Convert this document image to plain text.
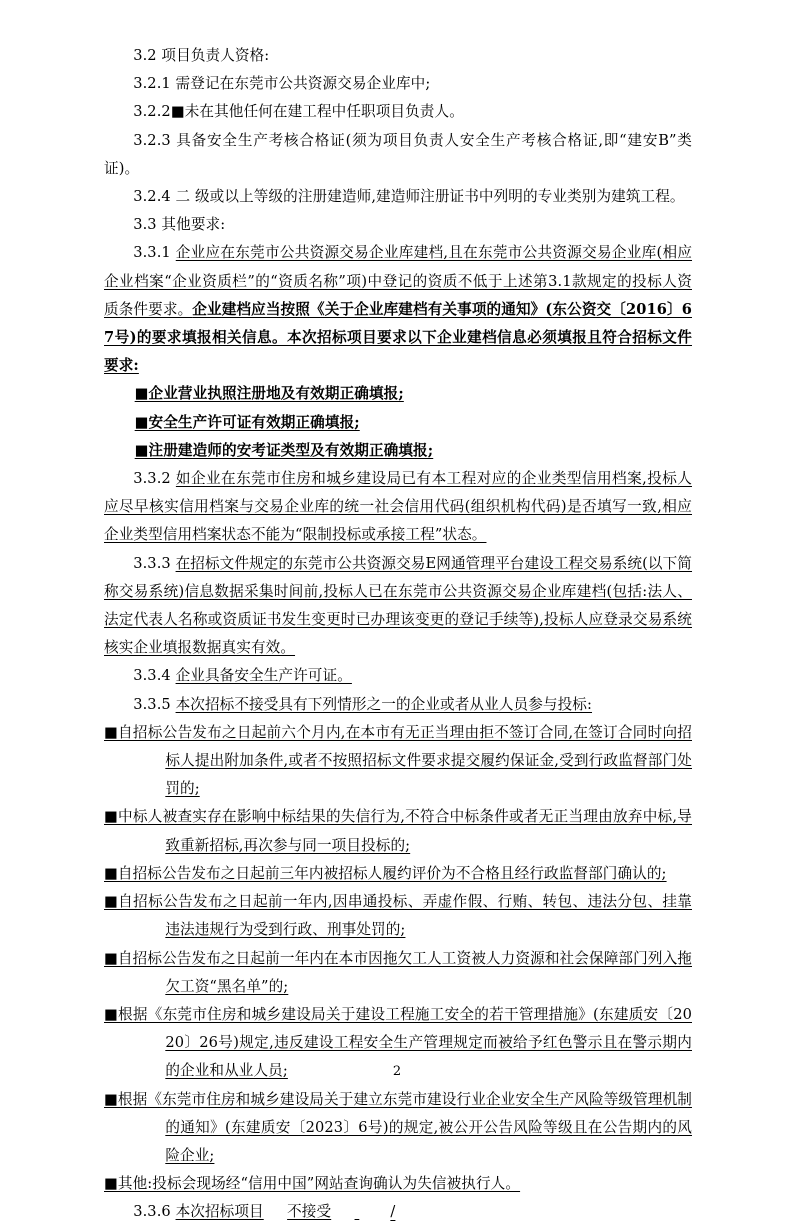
3.2 项目负责人资格:

3.2.1 需登记在东莞市公共资源交易企业库中;

3.2.2■未在其他任何在建工程中任职项目负责人。

3.2.3 具备安全生产考核合格证(须为项目负责人安全生产考核合格证,即“建安B”类证)。

3.2.4 二 级或以上等级的注册建造师,建造师注册证书中列明的专业类别为建筑工程。

3.3 其他要求:

3.3.1 企业应在东莞市公共资源交易企业库建档,且在东莞市公共资源交易企业库(相应企业档案“企业资质栏”的“资质名称”项)中登记的资质不低于上述第3.1款规定的投标人资质条件要求。企业建档应当按照《关于企业库建档有关事项的通知》(东公资交〔2016〕67号)的要求填报相关信息。本次招标项目要求以下企业建档信息必须填报且符合招标文件要求:

■企业营业执照注册地及有效期正确填报;

■安全生产许可证有效期正确填报;

■注册建造师的安考证类型及有效期正确填报;

3.3.2 如企业在东莞市住房和城乡建设局已有本工程对应的企业类型信用档案,投标人应尽早核实信用档案与交易企业库的统一社会信用代码(组织机构代码)是否填写一致,相应企业类型信用档案状态不能为“限制投标或承接工程”状态。

3.3.3 在招标文件规定的东莞市公共资源交易E网通管理平台建设工程交易系统(以下简称交易系统)信息数据采集时间前,投标人已在东莞市公共资源交易企业库建档(包括:法人、法定代表人名称或资质证书发生变更时已办理该变更的登记手续等),投标人应登录交易系统核实企业填报数据真实有效。

3.3.4 企业具备安全生产许可证。

3.3.5 本次招标不接受具有下列情形之一的企业或者从业人员参与投标:

■自招标公告发布之日起前六个月内,在本市有无正当理由拒不签订合同,在签订合同时向招标人提出附加条件,或者不按照招标文件要求提交履约保证金,受到行政监督部门处罚的;

■中标人被查实存在影响中标结果的失信行为,不符合中标条件或者无正当理由放弃中标,导致重新招标,再次参与同一项目投标的;

■自招标公告发布之日起前三年内被招标人履约评价为不合格且经行政监督部门确认的;

■自招标公告发布之日起前一年内,因串通投标、弄虚作假、行贿、转包、违法分包、挂靠违法违规行为受到行政、刑事处罚的;

■自招标公告发布之日起前一年内在本市因拖欠工人工资被人力资源和社会保障部门列入拖欠工资“黑名单”的;

■根据《东莞市住房和城乡建设局关于建设工程施工安全的若干管理措施》(东建质安〔2020〕26号)规定,违反建设工程安全生产管理规定而被给予红色警示且在警示期内的企业和从业人员;

■根据《东莞市住房和城乡建设局关于建立东莞市建设行业企业安全生产风险等级管理机制的通知》(东建质安〔2023〕6号)的规定,被公开公告风险等级且在公告期内的风险企业;

■其他:投标会现场经“信用中国”网站查询确认为失信被执行人。

3.3.6 本次招标项目 不接受	/

2
